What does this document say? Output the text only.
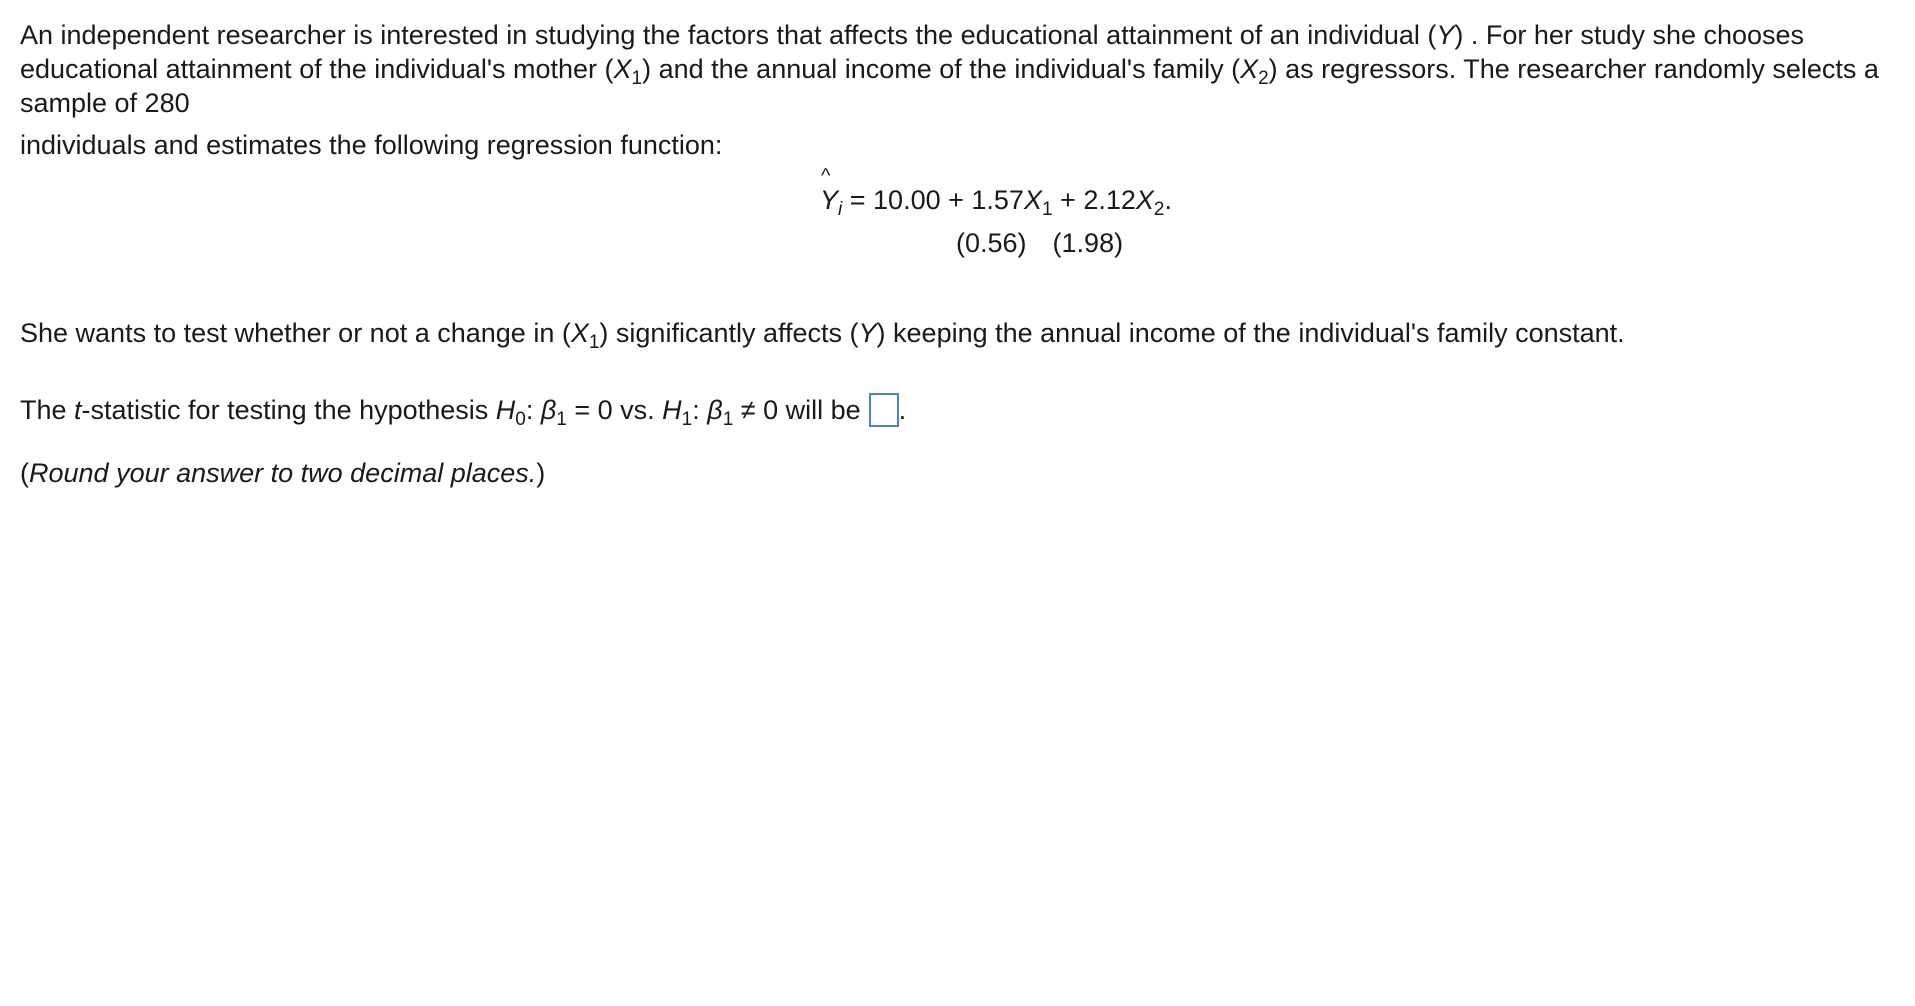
An independent researcher is interested in studying the factors that affects the educational attainment of an individual (Y) . For her study she chooses educational attainment of the individual's mother $(X_1)$ and the annual income of the individual's family $(X_2)$ as regressors. The researcher randomly selects a sample of 280
individuals and estimates the following regression function:

^
$Y_i = 10.00 + 1.57X_1 + 2.12X_2$.
(0.56) (1.98)

She wants to test whether or not a change in $(X_1)$ significantly affects (Y) keeping the annual income of the individual's family constant.

The t-statistic for testing the hypothesis $H_0$: $\beta_1 = 0$ vs. $H_1$: $\beta_1 \ne 0$ will be .

(Round your answer to two decimal places.)
